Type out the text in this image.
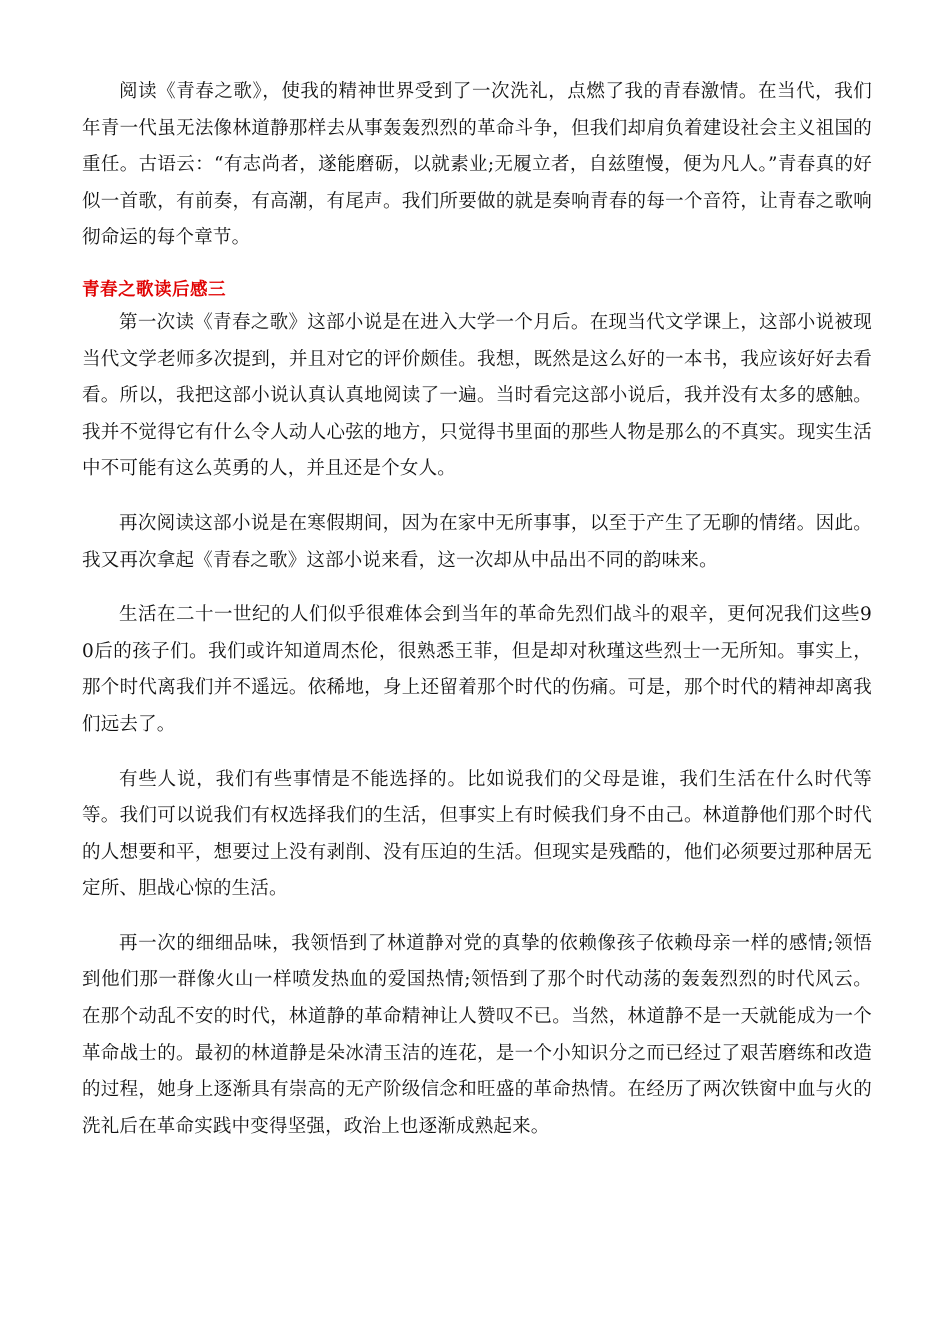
阅读《青春之歌》，使我的精神世界受到了一次洗礼，点燃了我的青春激情。在当代，我们年青一代虽无法像林道静那样去从事轰轰烈烈的革命斗争，但我们却肩负着建设社会主义祖国的重任。古语云：“有志尚者，遂能磨砺，以就素业;无履立者，自兹堕慢，便为凡人。”青春真的好似一首歌，有前奏，有高潮，有尾声。我们所要做的就是奏响青春的每一个音符，让青春之歌响彻命运的每个章节。

青春之歌读后感三

第一次读《青春之歌》这部小说是在进入大学一个月后。在现当代文学课上，这部小说被现当代文学老师多次提到，并且对它的评价颇佳。我想，既然是这么好的一本书，我应该好好去看看。所以，我把这部小说认真认真地阅读了一遍。当时看完这部小说后，我并没有太多的感触。我并不觉得它有什么令人动人心弦的地方，只觉得书里面的那些人物是那么的不真实。现实生活中不可能有这么英勇的人，并且还是个女人。

再次阅读这部小说是在寒假期间，因为在家中无所事事，以至于产生了无聊的情绪。因此。我又再次拿起《青春之歌》这部小说来看，这一次却从中品出不同的韵味来。

生活在二十一世纪的人们似乎很难体会到当年的革命先烈们战斗的艰辛，更何况我们这些90后的孩子们。我们或许知道周杰伦，很熟悉王菲，但是却对秋瑾这些烈士一无所知。事实上，那个时代离我们并不遥远。依稀地，身上还留着那个时代的伤痛。可是，那个时代的精神却离我们远去了。

有些人说，我们有些事情是不能选择的。比如说我们的父母是谁，我们生活在什么时代等等。我们可以说我们有权选择我们的生活，但事实上有时候我们身不由己。林道静他们那个时代的人想要和平，想要过上没有剥削、没有压迫的生活。但现实是残酷的，他们必须要过那种居无定所、胆战心惊的生活。

再一次的细细品味，我领悟到了林道静对党的真挚的依赖像孩子依赖母亲一样的感情;领悟到他们那一群像火山一样喷发热血的爱国热情;领悟到了那个时代动荡的轰轰烈烈的时代风云。在那个动乱不安的时代，林道静的革命精神让人赞叹不已。当然，林道静不是一天就能成为一个革命战士的。最初的林道静是朵冰清玉洁的连花，是一个小知识分之而已经过了艰苦磨练和改造的过程，她身上逐渐具有崇高的无产阶级信念和旺盛的革命热情。在经历了两次铁窗中血与火的洗礼后在革命实践中变得坚强，政治上也逐渐成熟起来。
